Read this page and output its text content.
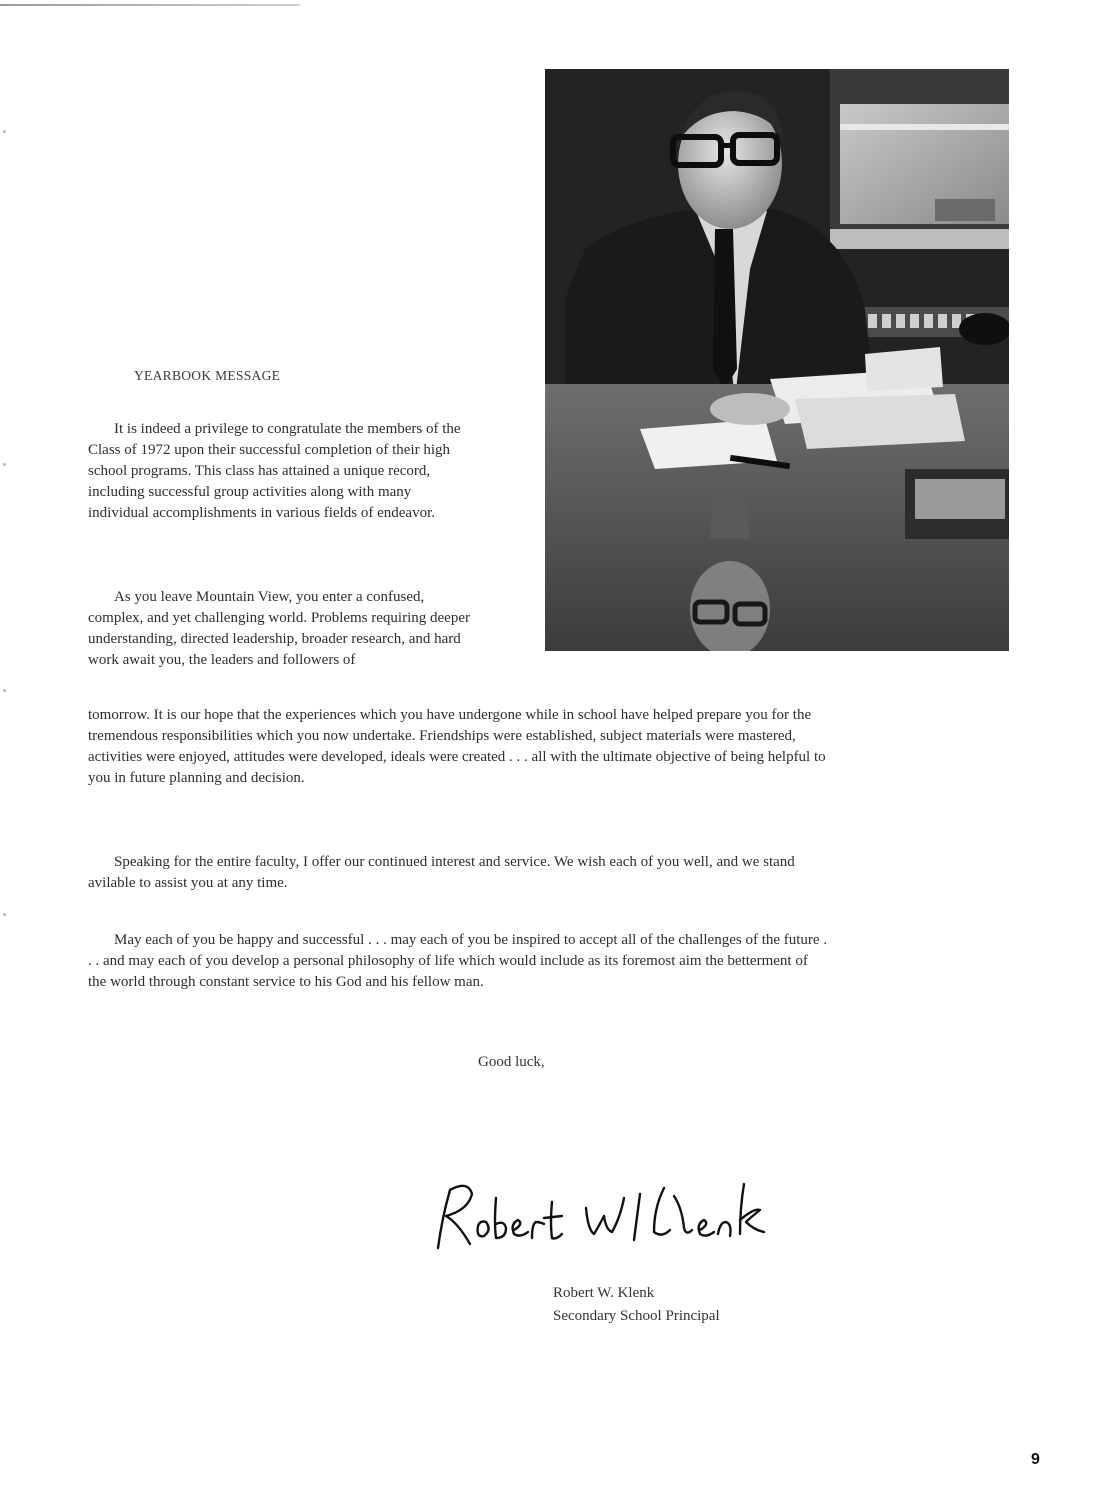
YEARBOOK MESSAGE

It is indeed a privilege to congratulate the members of the Class of 1972 upon their successful completion of their high school programs. This class has attained a unique record, including successful group activities along with many individual accomplishments in various fields of endeavor.

As you leave Mountain View, you enter a confused, complex, and yet challenging world. Problems requiring deeper understanding, directed leadership, broader research, and hard work await you, the leaders and followers of

tomorrow. It is our hope that the experiences which you have undergone while in school have helped prepare you for the tremendous responsibilities which you now undertake. Friendships were established, subject materials were mastered, activities were enjoyed, attitudes were developed, ideals were created . . . all with the ultimate objective of being helpful to you in future planning and decision.

Speaking for the entire faculty, I offer our continued interest and service. We wish each of you well, and we stand avilable to assist you at any time.

May each of you be happy and successful . . . may each of you be inspired to accept all of the challenges of the future . . . and may each of you develop a personal philosophy of life which would include as its foremost aim the betterment of the world through constant service to his God and his fellow man.

Good luck,
Robert W. Klenk
Secondary School Principal
9
